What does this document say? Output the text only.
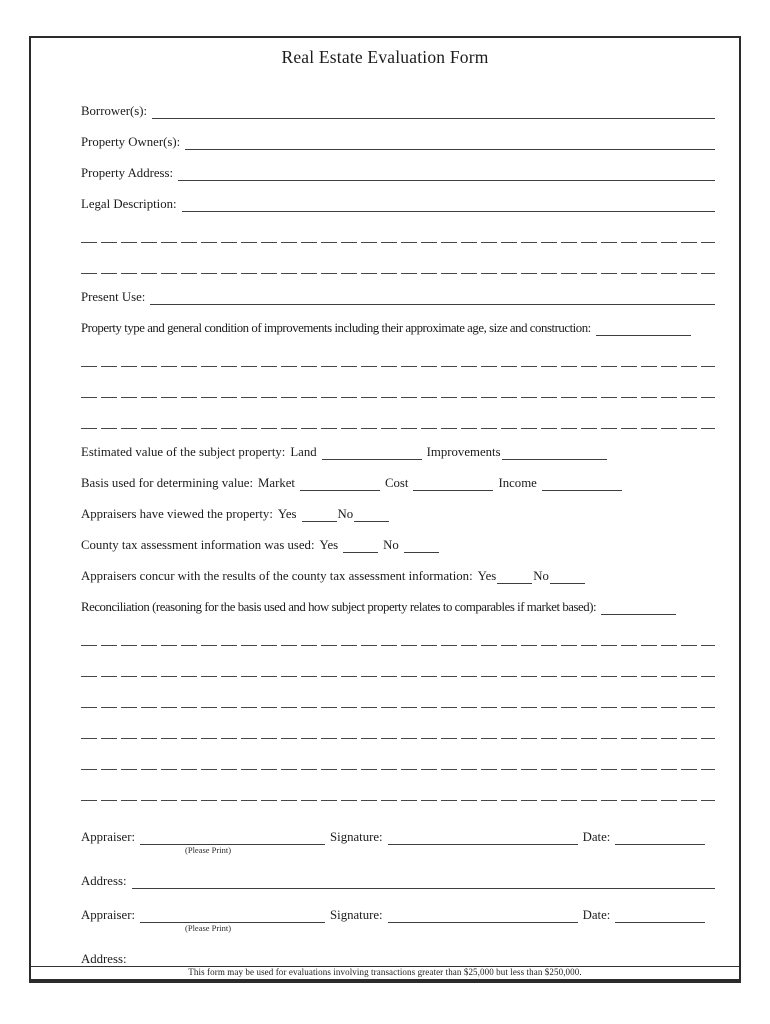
Real Estate Evaluation Form
Borrower(s):
Property Owner(s):
Property Address:
Legal Description:
Present Use:
Property type and general condition of improvements including their approximate age, size and construction:
Estimated value of the subject property: Land	Improvements
Basis used for determining value: Market	Cost	Income
Appraisers have viewed the property: Yes	No
County tax assessment information was used: Yes	No
Appraisers concur with the results of the county tax assessment information: Yes	No
Reconciliation (reasoning for the basis used and how subject property relates to comparables if market based):
Appraiser:
(Please Print)
Signature:	Date:
Address:
Appraiser:
(Please Print)
Signature:	Date:
Address:
This form may be used for evaluations involving transactions greater than $25,000 but less than $250,000.
